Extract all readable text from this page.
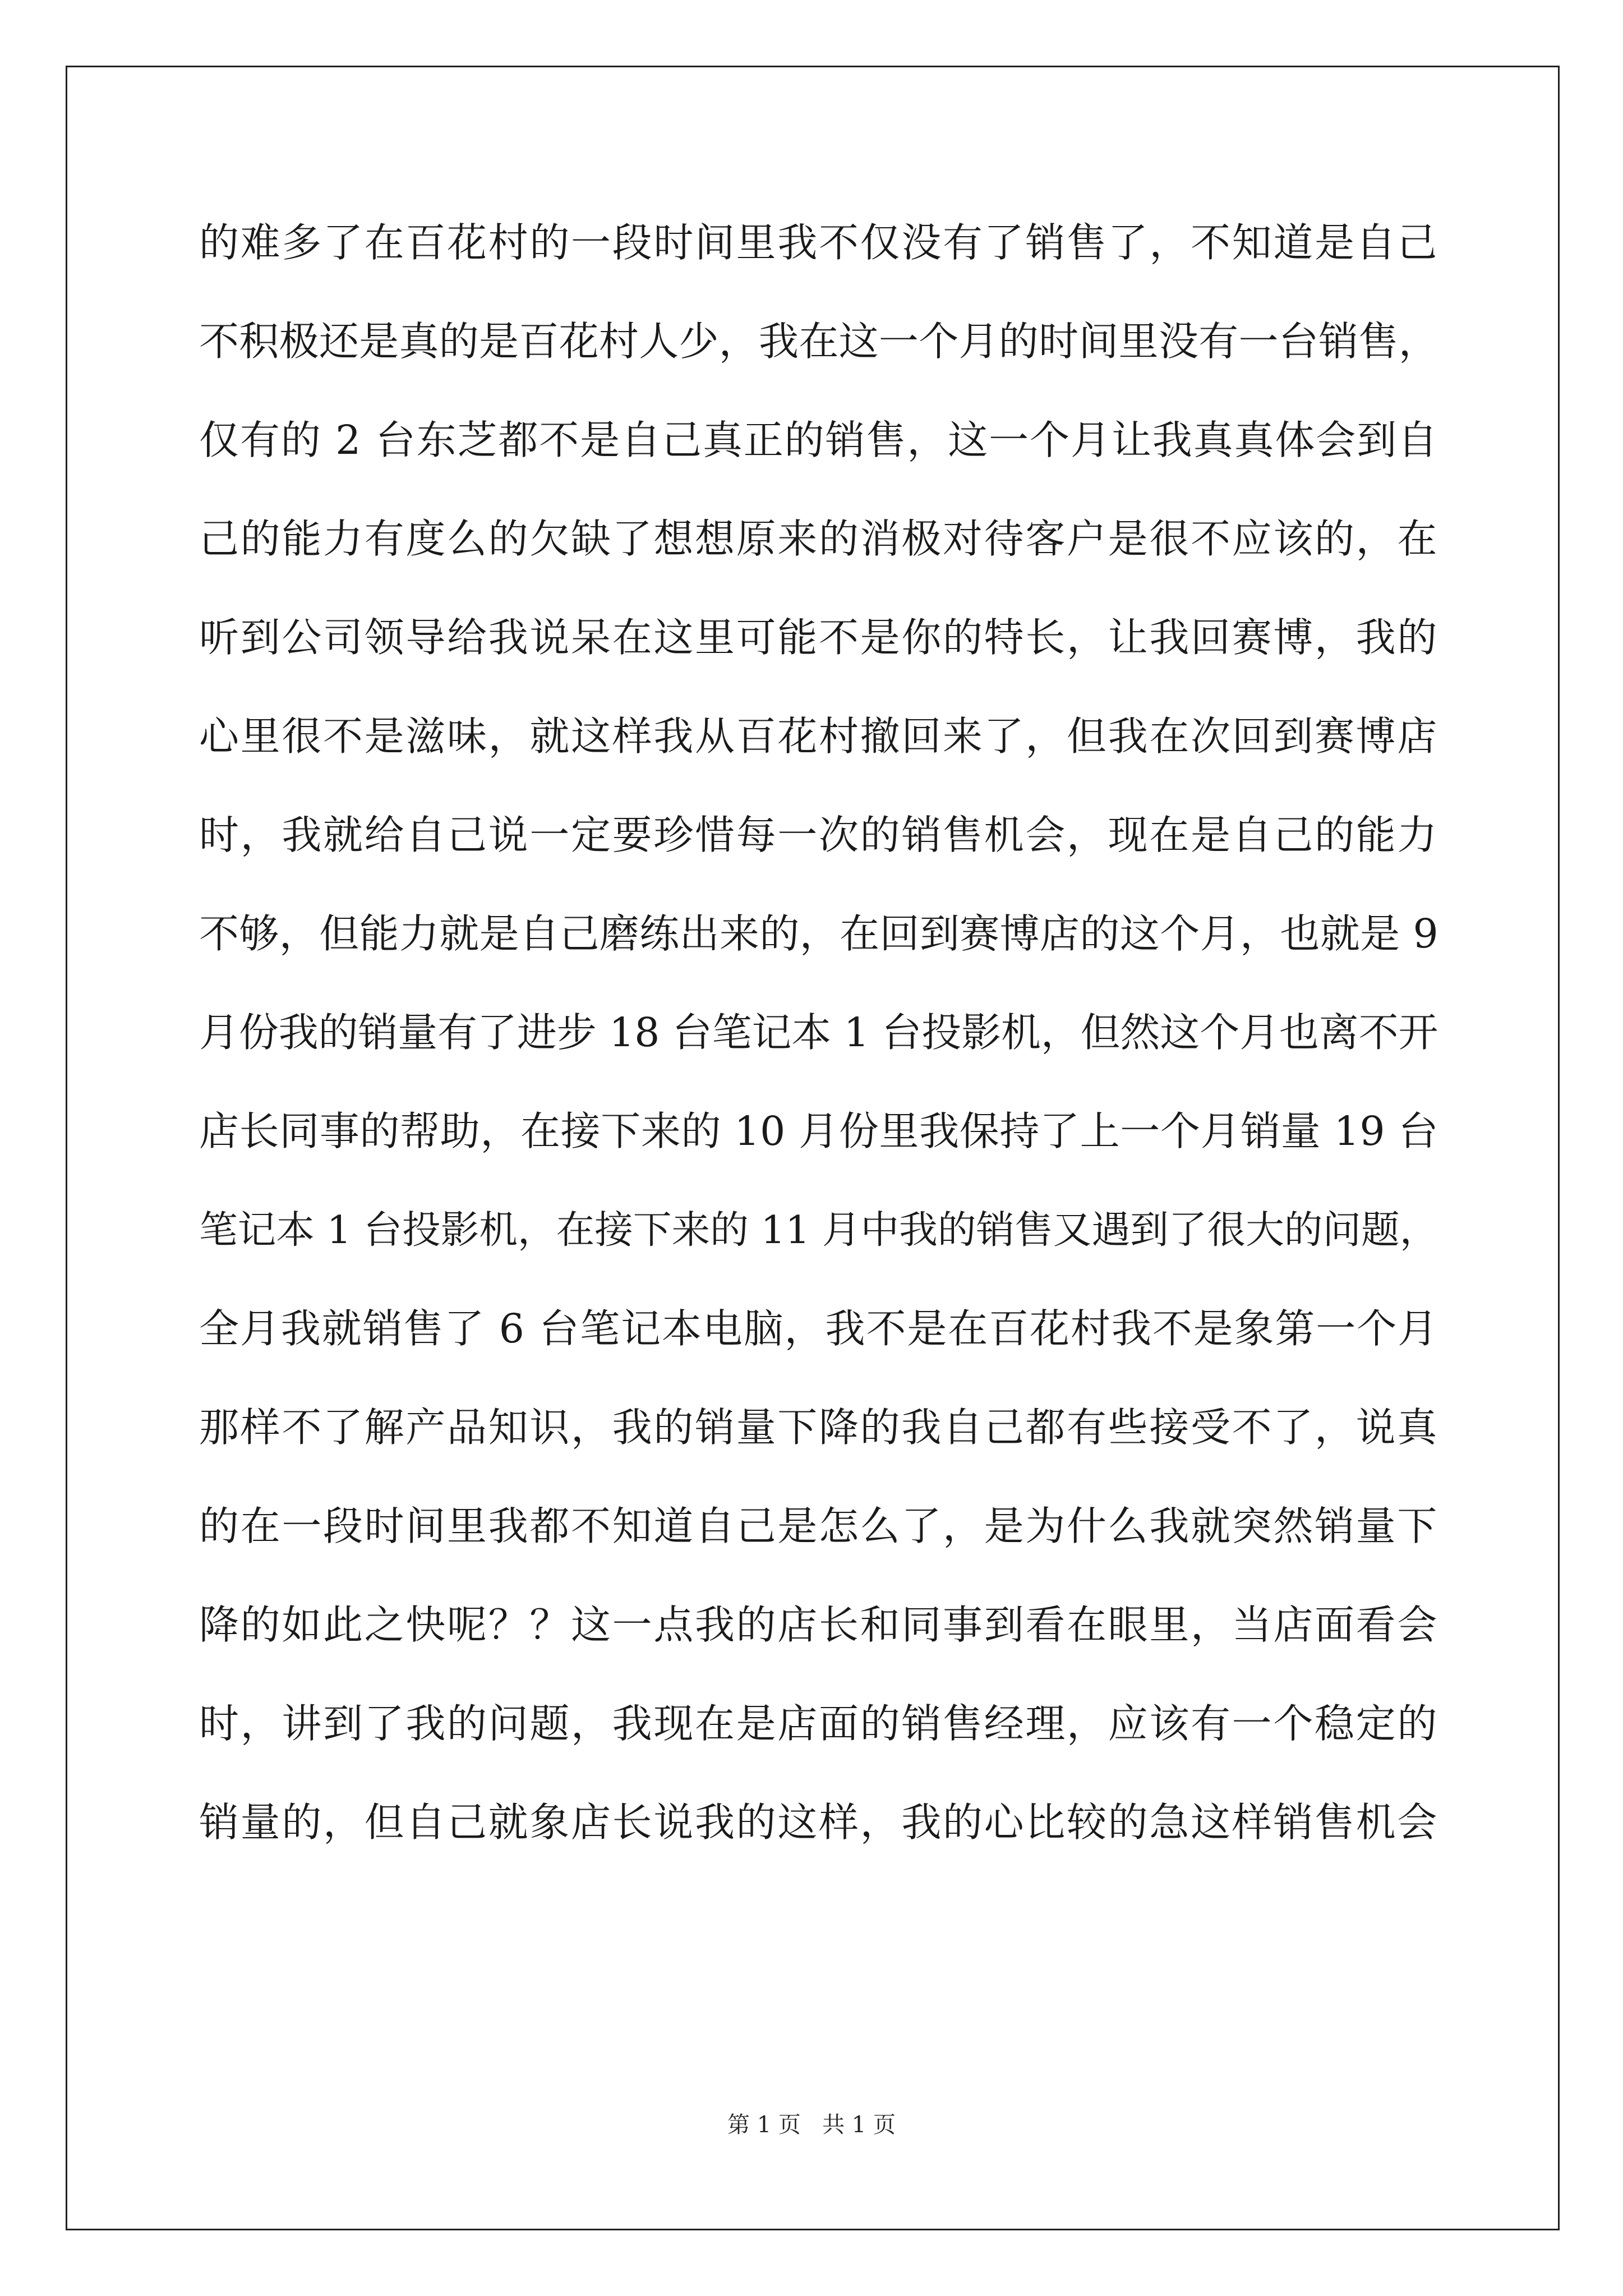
的难多了在百花村的一段时间里我不仅没有了销售了，不知道是自己
不积极还是真的是百花村人少，我在这一个月的时间里没有一台销售，
仅有的 2 台东芝都不是自己真正的销售，这一个月让我真真体会到自
己的能力有度么的欠缺了想想原来的消极对待客户是很不应该的，在
听到公司领导给我说呆在这里可能不是你的特长，让我回赛博，我的
心里很不是滋味，就这样我从百花村撤回来了，但我在次回到赛博店
时，我就给自己说一定要珍惜每一次的销售机会，现在是自己的能力
不够，但能力就是自己磨练出来的，在回到赛博店的这个月，也就是 9
月份我的销量有了进步 18 台笔记本 1 台投影机，但然这个月也离不开
店长同事的帮助，在接下来的 10 月份里我保持了上一个月销量 19 台
笔记本 1 台投影机，在接下来的 11 月中我的销售又遇到了很大的问题，
全月我就销售了 6 台笔记本电脑，我不是在百花村我不是象第一个月
那样不了解产品知识，我的销量下降的我自己都有些接受不了，说真
的在一段时间里我都不知道自己是怎么了，是为什么我就突然销量下
降的如此之快呢？？这一点我的店长和同事到看在眼里，当店面看会
时，讲到了我的问题，我现在是店面的销售经理，应该有一个稳定的
销量的，但自己就象店长说我的这样，我的心比较的急这样销售机会
第 1 页   共 1 页
